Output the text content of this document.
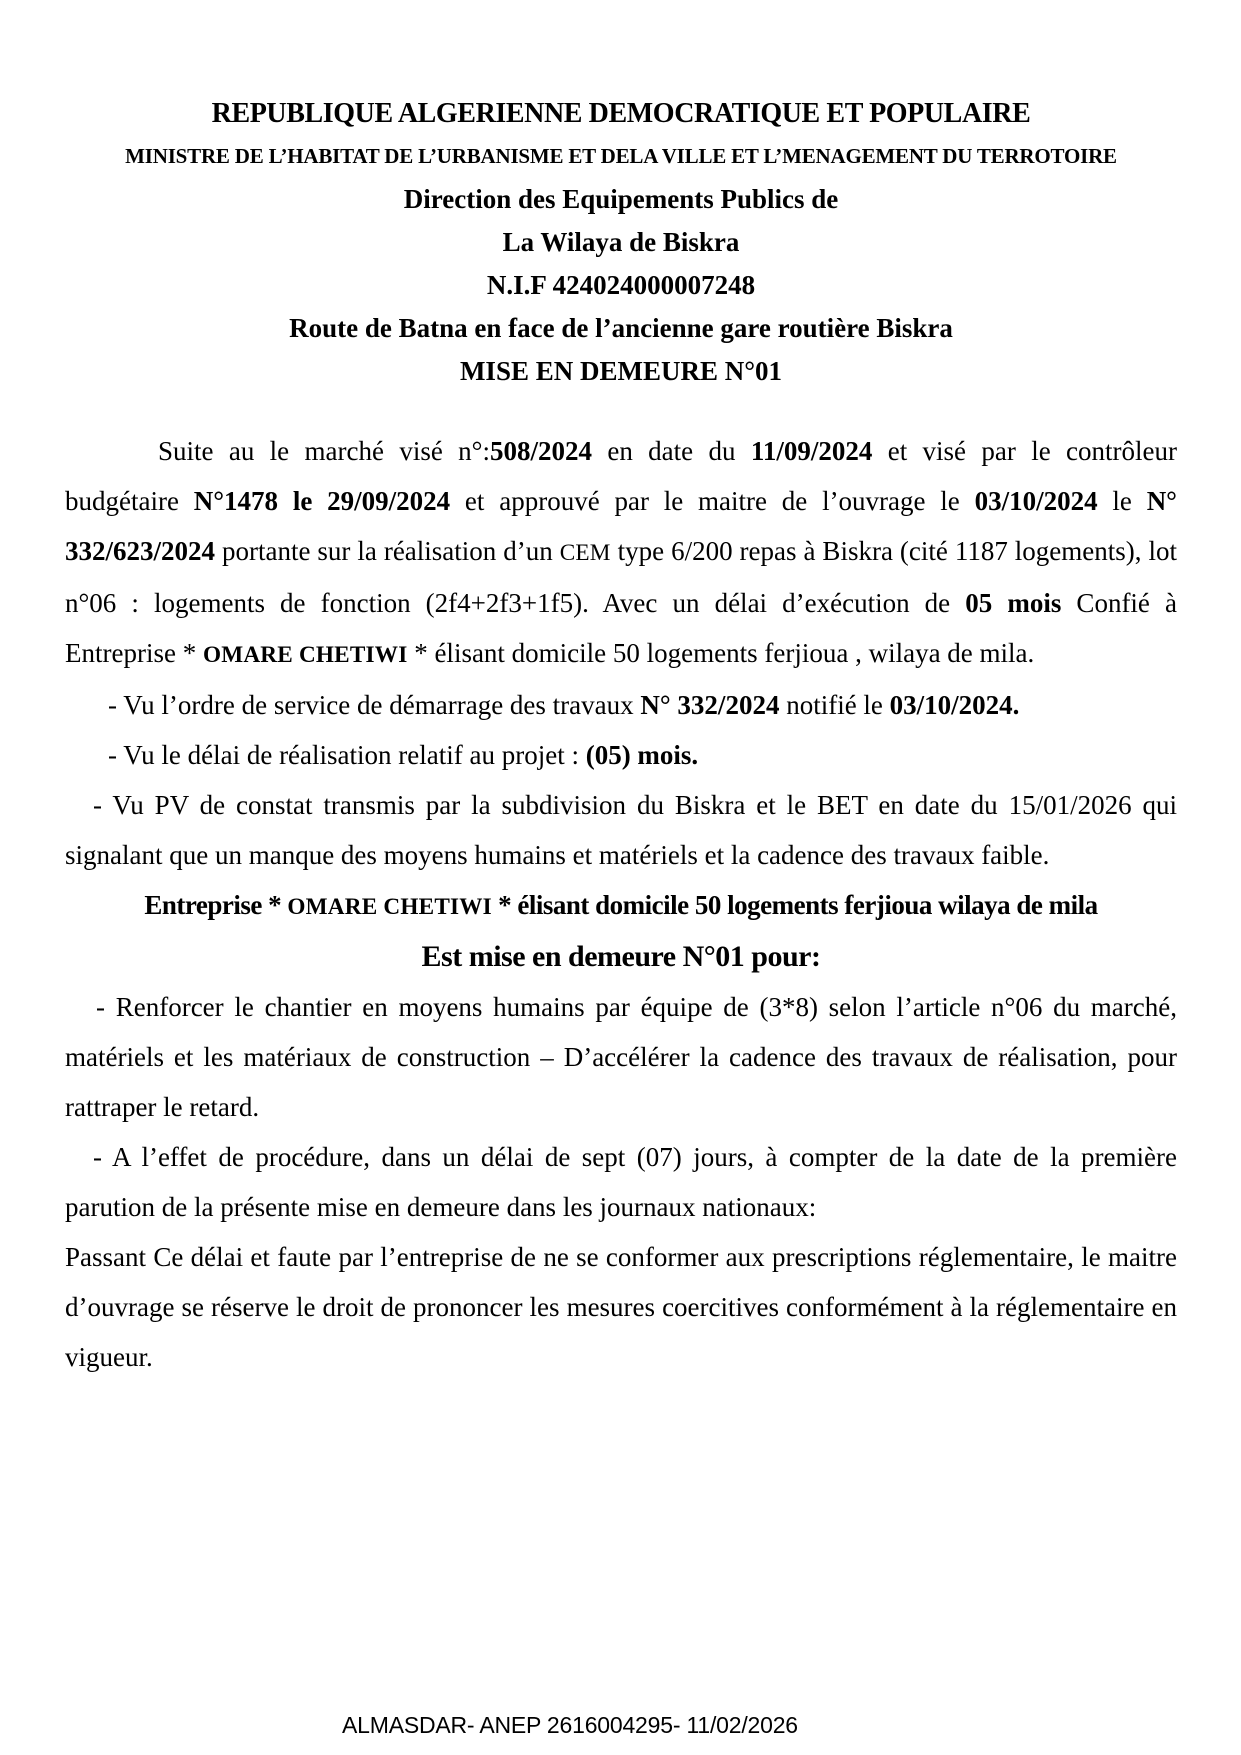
REPUBLIQUE ALGERIENNE DEMOCRATIQUE ET POPULAIRE
MINISTRE DE L’HABITAT DE L’URBANISME ET DELA VILLE ET L’MENAGEMENT DU TERROTOIRE
Direction des Equipements Publics de
La Wilaya de Biskra
N.I.F 424024000007248
Route de Batna en face de l’ancienne gare routière Biskra
MISE EN DEMEURE N°01

Suite au le marché visé n°:508/2024 en date du 11/09/2024 et visé par le contrôleur budgétaire N°1478 le 29/09/2024 et approuvé par le maitre de l’ouvrage le 03/10/2024 le N° 332/623/2024 portante sur la réalisation d’un CEM type 6/200 repas à Biskra (cité 1187 logements), lot n°06 : logements de fonction (2f4+2f3+1f5). Avec un délai d’exécution de 05 mois Confié à Entreprise * OMARE CHETIWI * élisant domicile 50 logements ferjioua , wilaya de mila.

- Vu l’ordre de service de démarrage des travaux N° 332/2024 notifié le 03/10/2024.

- Vu le délai de réalisation relatif au projet : (05) mois.

- Vu PV de constat transmis par la subdivision du Biskra et le BET en date du 15/01/2026 qui signalant que un manque des moyens humains et matériels et la cadence des travaux faible.

Entreprise * OMARE CHETIWI * élisant domicile 50 logements ferjioua wilaya de mila

Est mise en demeure N°01 pour:

- Renforcer le chantier en moyens humains par équipe de (3*8) selon l’article n°06 du marché, matériels et les matériaux de construction – D’accélérer la cadence des travaux de réalisation, pour rattraper le retard.

- A l’effet de procédure, dans un délai de sept (07) jours, à compter de la date de la première parution de la présente mise en demeure dans les journaux nationaux:

Passant Ce délai et faute par l’entreprise de ne se conformer aux prescriptions réglementaire, le maitre d’ouvrage se réserve le droit de prononcer les mesures coercitives conformément à la réglementaire en vigueur.

ALMASDAR- ANEP 2616004295- 11/02/2026
